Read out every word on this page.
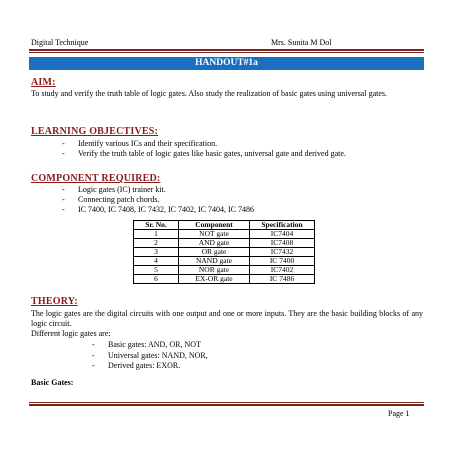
Digital Technique	Mrs. Sunita M Dol
HANDOUT#1a
AIM:
To study and verify the truth table of logic gates. Also study the realization of basic gates using universal gates.
LEARNING OBJECTIVES:
- Identify various ICs and their specification.
- Verify the truth table of logic gates like basic gates, universal gate and derived gate.
COMPONENT REQUIRED:
- Logic gates (IC) trainer kit.
- Connecting patch chords.
- IC 7400, IC 7408, IC 7432, IC 7402, IC 7404, IC 7486
Sr. No.	Component	Specification
1	NOT gate	IC7404
2	AND gate	IC7408
3	OR gate	IC7432
4	NAND gate	IC 7400
5	NOR gate	IC7402
6	EX-OR gate	IC 7486
THEORY:
The logic gates are the digital circuits with one output and one or more inputs. They are the basic building blocks of any logic circuit.
Different logic gates are:
- Basic gates: AND, OR, NOT
- Universal gates: NAND, NOR,
- Derived gates: EXOR.
Basic Gates:
Page 1
